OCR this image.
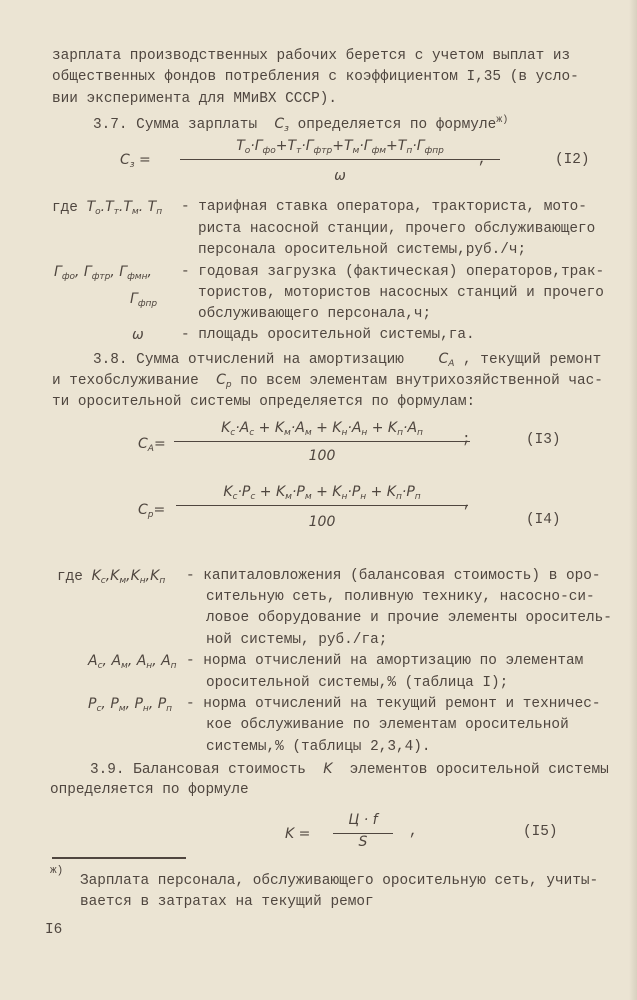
зарплата производственных рабочих берется с учетом выплат из
общественных фондов потребления с коэффициентом I,35 (в усло-
вии эксперимента для ММиВХ СССР).
3.7. Сумма зарплаты $C_з$ определяется по формуле$^{ж)}$
$C_з$ =
$T_о\cdot Г_{фо}+T_т\cdot Г_{фтр}+T_м\cdot Г_{фм}+T_п\cdot Г_{фпр}$
ω
,	(I2)
где $T_о.T_т.T_м$. $T_п$ - тарифная ставка оператора, тракториста, мото-
риста насосной станции, прочего обслуживающего
персонала оросительной системы,руб./ч;
$Г_{фо}$, $Г_{фтр}$, $Г_{фмн}$,
$Г_{фпр}$
- годовая загрузка (фактическая) операторов,трак-
тористов, мотористов насосных станций и прочего
обслуживающего персонала,ч;
ω	- площадь оросительной системы,га.
3.8. Сумма отчислений на амортизацию $C_A$ , текущий ремонт
и техобслуживание $C_p$ по всем элементам внутрихозяйственной час-
ти оросительной системы определяется по формулам:
$C_A=$
$K_c\cdot A_c + K_м\cdot A_м + K_н\cdot A_н + K_п\cdot A_п$
100
;	(I3)
$C_p=$
$K_c\cdot P_c + K_м\cdot P_м + K_н\cdot P_н + K_п\cdot P_п$
100
,
(I4)
где $K_c,K_м,K_н,K_п$ - капиталовложения (балансовая стоимость) в оро-
сительную сеть, поливную технику, насосно-си-
ловое оборудование и прочие элементы ороситель-
ной системы, руб./га;
$A_c$, $A_м$, $A_н$, $A_п$ - норма отчислений на амортизацию по элементам
оросительной системы,% (таблица I);
$P_c$, $P_м$, $P_н$, $P_п$ - норма отчислений на текущий ремонт и техничес-
кое обслуживание по элементам оросительной
системы,% (таблицы 2,3,4).
3.9. Балансовая стоимость K элементов оросительной системы
определяется по формуле
K =
Ц · f
S
,	(I5)
ж)
Зарплата персонала, обслуживающего оросительную сеть, учиты-
вается в затратах на текущий ремог
I6
